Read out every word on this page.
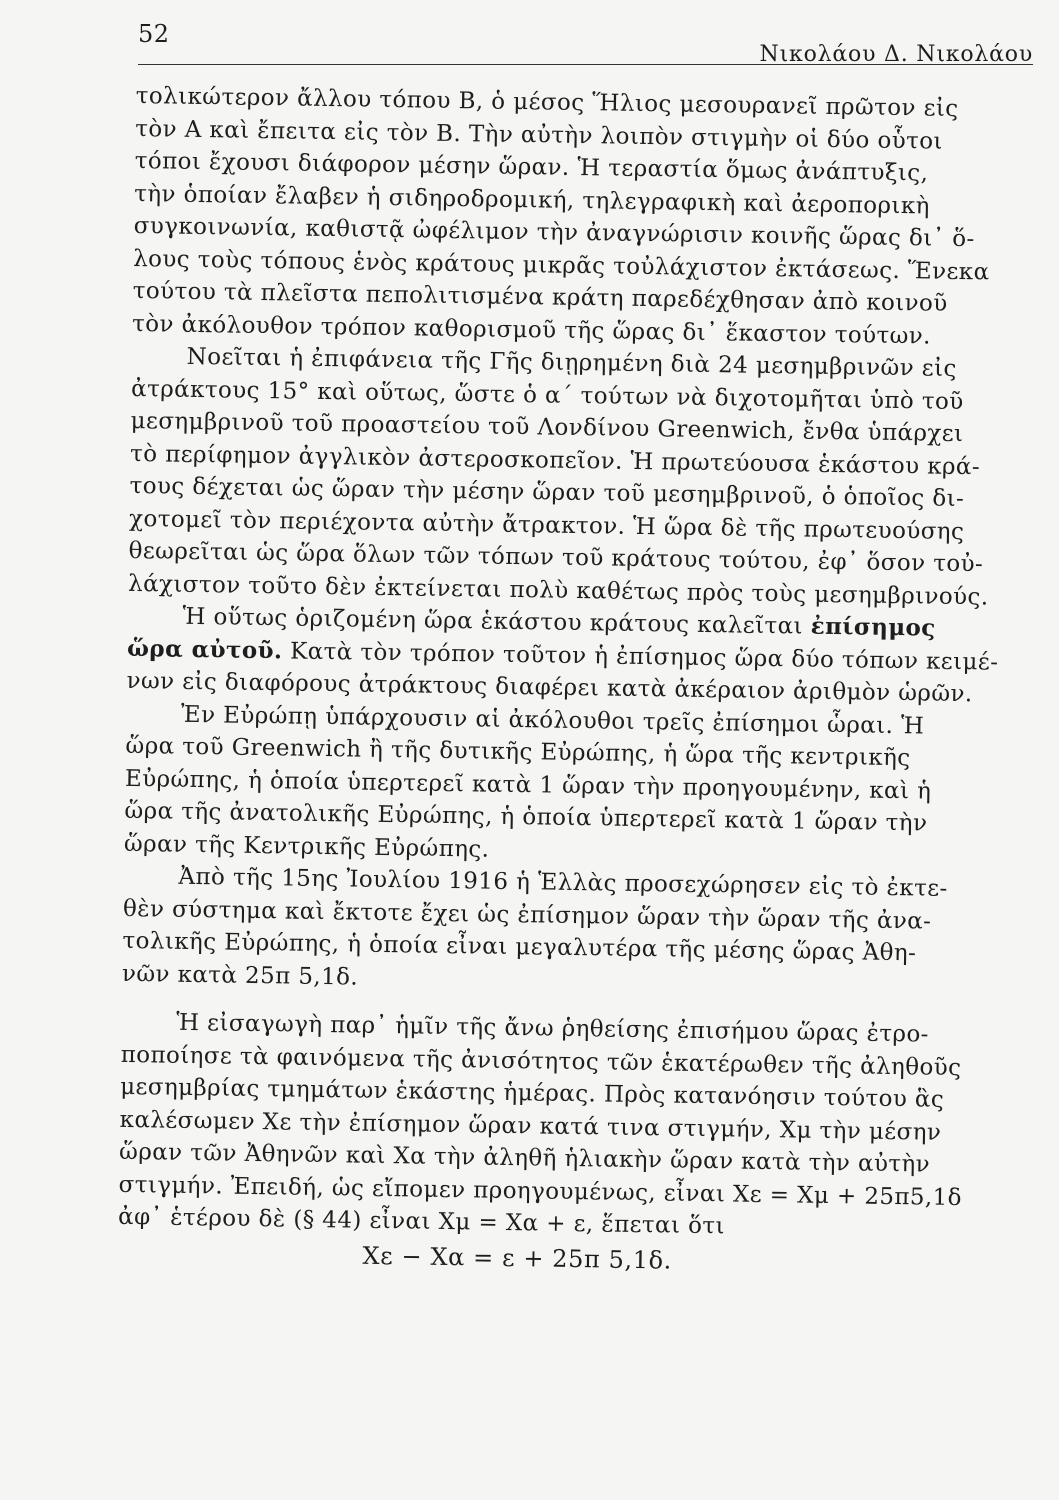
52
Νικολάου Δ. Νικολάου
τολικώτερον ἄλλου τόπου Β, ὁ μέσος Ἥλιος μεσουρανεῖ πρῶτον εἰς
τὸν Α καὶ ἔπειτα εἰς τὸν Β. Τὴν αὐτὴν λοιπὸν στιγμὴν οἱ δύο οὗτοι
τόποι ἔχουσι διάφορον μέσην ὥραν. Ἡ τεραστία ὅμως ἀνάπτυξις,
τὴν ὁποίαν ἔλαβεν ἡ σιδηροδρομική, τηλεγραφικὴ καὶ ἀεροπορικὴ
συγκοινωνία, καθιστᾷ ὠφέλιμον τὴν ἀναγνώρισιν κοινῆς ὥρας δι᾽ ὅ-
λους τοὺς τόπους ἑνὸς κράτους μικρᾶς τοὐλάχιστον ἐκτάσεως. Ἕνεκα
τούτου τὰ πλεῖστα πεπολιτισμένα κράτη παρεδέχθησαν ἀπὸ κοινοῦ
τὸν ἀκόλουθον τρόπον καθορισμοῦ τῆς ὥρας δι᾽ ἕκαστον τούτων.
Νοεῖται ἡ ἐπιφάνεια τῆς Γῆς διῃρημένη διὰ 24 μεσημβρινῶν εἰς
ἀτράκτους 15° καὶ οὕτως, ὥστε ὁ α΄ τούτων νὰ διχοτομῆται ὑπὸ τοῦ
μεσημβρινοῦ τοῦ προαστείου τοῦ Λονδίνου Greenwich, ἔνθα ὑπάρχει
τὸ περίφημον ἀγγλικὸν ἀστεροσκοπεῖον. Ἡ πρωτεύουσα ἑκάστου κρά-
τους δέχεται ὡς ὥραν τὴν μέσην ὥραν τοῦ μεσημβρινοῦ, ὁ ὁποῖος δι-
χοτομεῖ τὸν περιέχοντα αὐτὴν ἄτρακτον. Ἡ ὥρα δὲ τῆς πρωτευούσης
θεωρεῖται ὡς ὥρα ὅλων τῶν τόπων τοῦ κράτους τούτου, ἐφ᾽ ὅσον τοὐ-
λάχιστον τοῦτο δὲν ἐκτείνεται πολὺ καθέτως πρὸς τοὺς μεσημβρινούς.
Ἡ οὕτως ὁριζομένη ὥρα ἑκάστου κράτους καλεῖται ἐπίσημος
ὥρα αὐτοῦ. Κατὰ τὸν τρόπον τοῦτον ἡ ἐπίσημος ὥρα δύο τόπων κειμέ-
νων εἰς διαφόρους ἀτράκτους διαφέρει κατὰ ἀκέραιον ἀριθμὸν ὡρῶν.
Ἐν Εὐρώπῃ ὑπάρχουσιν αἱ ἀκόλουθοι τρεῖς ἐπίσημοι ὧραι. Ἡ
ὥρα τοῦ Greenwich ἢ τῆς δυτικῆς Εὐρώπης, ἡ ὥρα τῆς κεντρικῆς
Εὐρώπης, ἡ ὁποία ὑπερτερεῖ κατὰ 1 ὥραν τὴν προηγουμένην, καὶ ἡ
ὥρα τῆς ἀνατολικῆς Εὐρώπης, ἡ ὁποία ὑπερτερεῖ κατὰ 1 ὥραν τὴν
ὥραν τῆς Κεντρικῆς Εὐρώπης.
Ἀπὸ τῆς 15ης Ἰουλίου 1916 ἡ Ἑλλὰς προσεχώρησεν εἰς τὸ ἐκτε-
θὲν σύστημα καὶ ἔκτοτε ἔχει ὡς ἐπίσημον ὥραν τὴν ὥραν τῆς ἀνα-
τολικῆς Εὐρώπης, ἡ ὁποία εἶναι μεγαλυτέρα τῆς μέσης ὥρας Ἀθη-
νῶν κατὰ 25π 5,1δ.
Ἡ εἰσαγωγὴ παρ᾽ ἡμῖν τῆς ἄνω ῥηθείσης ἐπισήμου ὥρας ἐτρο-
ποποίησε τὰ φαινόμενα τῆς ἀνισότητος τῶν ἑκατέρωθεν τῆς ἀληθοῦς
μεσημβρίας τμημάτων ἑκάστης ἡμέρας. Πρὸς κατανόησιν τούτου ἃς
καλέσωμεν Χε τὴν ἐπίσημον ὥραν κατά τινα στιγμήν, Χμ τὴν μέσην
ὥραν τῶν Ἀθηνῶν καὶ Χα τὴν ἀληθῆ ἡλιακὴν ὥραν κατὰ τὴν αὐτὴν
στιγμήν. Ἐπειδή, ὡς εἴπομεν προηγουμένως, εἶναι Χε = Χμ + 25π5,1δ
ἀφ᾽ ἑτέρου δὲ (§ 44) εἶναι Χμ = Χα + ε, ἕπεται ὅτι
Χε − Χα = ε + 25π 5,1δ.
